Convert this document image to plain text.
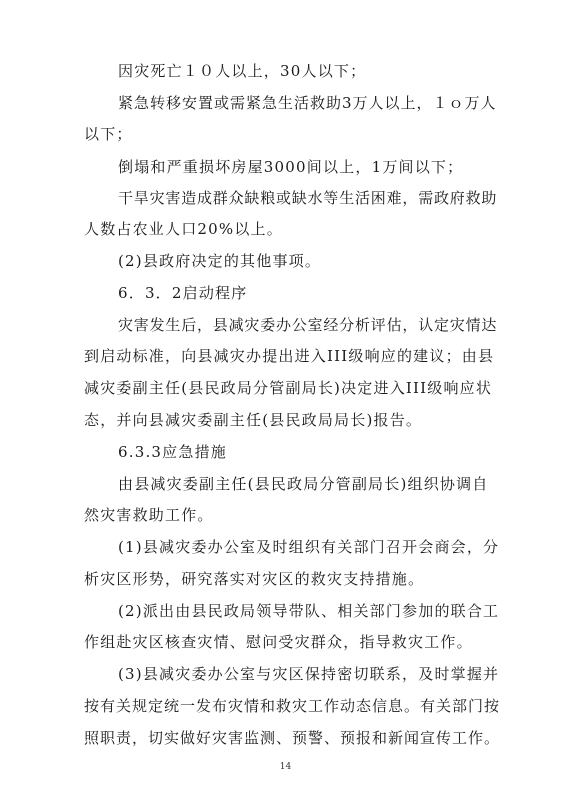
因灾死亡１０人以上，30人以下；
紧急转移安置或需紧急生活救助3万人以上，１ｏ万人
以下；
倒塌和严重损坏房屋3000间以上，1万间以下；
干旱灾害造成群众缺粮或缺水等生活困难，需政府救助
人数占农业人口20%以上。
(2)县政府决定的其他事项。
6．3．2启动程序
灾害发生后，县减灾委办公室经分析评估，认定灾情达
到启动标准，向县减灾办提出进入III级响应的建议；由县
减灾委副主任(县民政局分管副局长)决定进入III级响应状
态，并向县减灾委副主任(县民政局局长)报告。
6.3.3应急措施
由县减灾委副主任(县民政局分管副局长)组织协调自
然灾害救助工作。
(1)县减灾委办公室及时组织有关部门召开会商会，分
析灾区形势，研究落实对灾区的救灾支持措施。
(2)派出由县民政局领导带队、相关部门参加的联合工
作组赴灾区核查灾情、慰问受灾群众，指导救灾工作。
(3)县减灾委办公室与灾区保持密切联系，及时掌握并
按有关规定统一发布灾情和救灾工作动态信息。有关部门按
照职责，切实做好灾害监测、预警、预报和新闻宣传工作。
14
